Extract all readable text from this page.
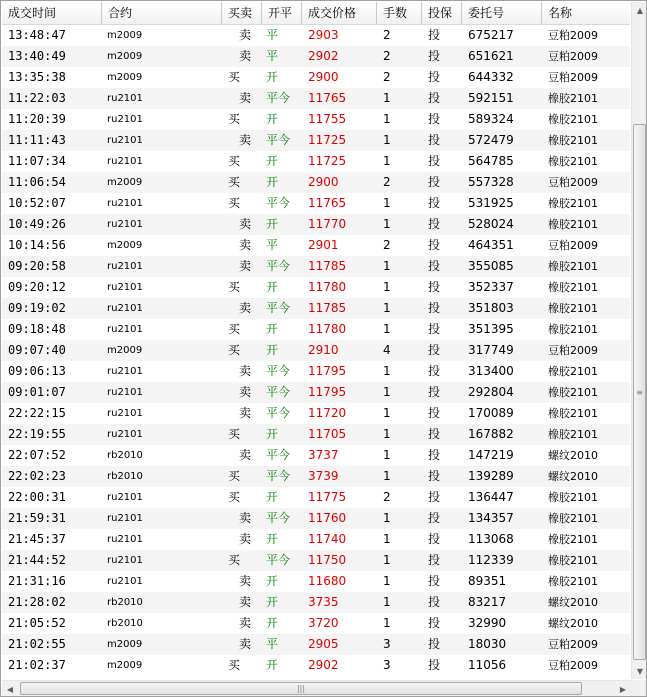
成交时间	合约	买卖	开平	成交价格	手数	投保	委托号	名称
13:48:47	m2009	卖	平	2903	2	投	675217	豆粕2009
13:40:49	m2009	卖	平	2902	2	投	651621	豆粕2009
13:35:38	m2009	买	开	2900	2	投	644332	豆粕2009
11:22:03	ru2101	卖	平今	11765	1	投	592151	橡胶2101
11:20:39	ru2101	买	开	11755	1	投	589324	橡胶2101
11:11:43	ru2101	卖	平今	11725	1	投	572479	橡胶2101
11:07:34	ru2101	买	开	11725	1	投	564785	橡胶2101
11:06:54	m2009	买	开	2900	2	投	557328	豆粕2009
10:52:07	ru2101	买	平今	11765	1	投	531925	橡胶2101
10:49:26	ru2101	卖	开	11770	1	投	528024	橡胶2101
10:14:56	m2009	卖	平	2901	2	投	464351	豆粕2009
09:20:58	ru2101	卖	平今	11785	1	投	355085	橡胶2101
09:20:12	ru2101	买	开	11780	1	投	352337	橡胶2101
09:19:02	ru2101	卖	平今	11785	1	投	351803	橡胶2101
09:18:48	ru2101	买	开	11780	1	投	351395	橡胶2101
09:07:40	m2009	买	开	2910	4	投	317749	豆粕2009
09:06:13	ru2101	卖	平今	11795	1	投	313400	橡胶2101
09:01:07	ru2101	卖	平今	11795	1	投	292804	橡胶2101
22:22:15	ru2101	卖	平今	11720	1	投	170089	橡胶2101
22:19:55	ru2101	买	开	11705	1	投	167882	橡胶2101
22:07:52	rb2010	卖	平今	3737	1	投	147219	螺纹2010
22:02:23	rb2010	买	平今	3739	1	投	139289	螺纹2010
22:00:31	ru2101	买	开	11775	2	投	136447	橡胶2101
21:59:31	ru2101	卖	平今	11760	1	投	134357	橡胶2101
21:45:37	ru2101	卖	开	11740	1	投	113068	橡胶2101
21:44:52	ru2101	买	平今	11750	1	投	112339	橡胶2101
21:31:16	ru2101	卖	开	11680	1	投	89351	橡胶2101
21:28:02	rb2010	卖	开	3735	1	投	83217	螺纹2010
21:05:52	rb2010	卖	开	3720	1	投	32990	螺纹2010
21:02:55	m2009	卖	平	2905	3	投	18030	豆粕2009
21:02:37	m2009	买	开	2902	3	投	11056	豆粕2009
▲
≡
▼
◀	|||	▶
